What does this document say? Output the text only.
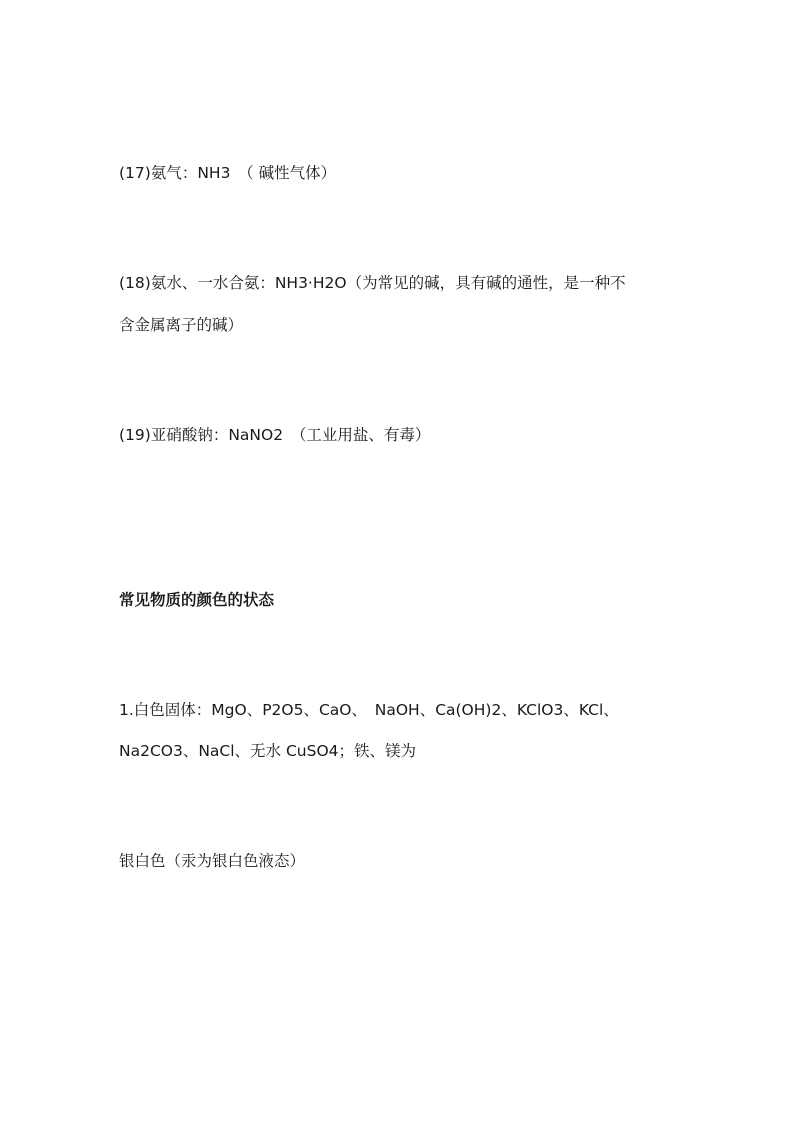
(17)氨气：NH3　（ 碱性气体）
(18)氨水、一水合氨：NH3·H2O（为常见的碱，具有碱的通性，是一种不
含金属离子的碱）
(19)亚硝酸钠：NaNO2　（工业用盐、有毒）
常见物质的颜色的状态
1.白色固体：MgO、P2O5、CaO、　NaOH、Ca(OH)2、KClO3、KCl、
Na2CO3、NaCl、无水 CuSO4；铁、镁为
银白色（汞为银白色液态）
